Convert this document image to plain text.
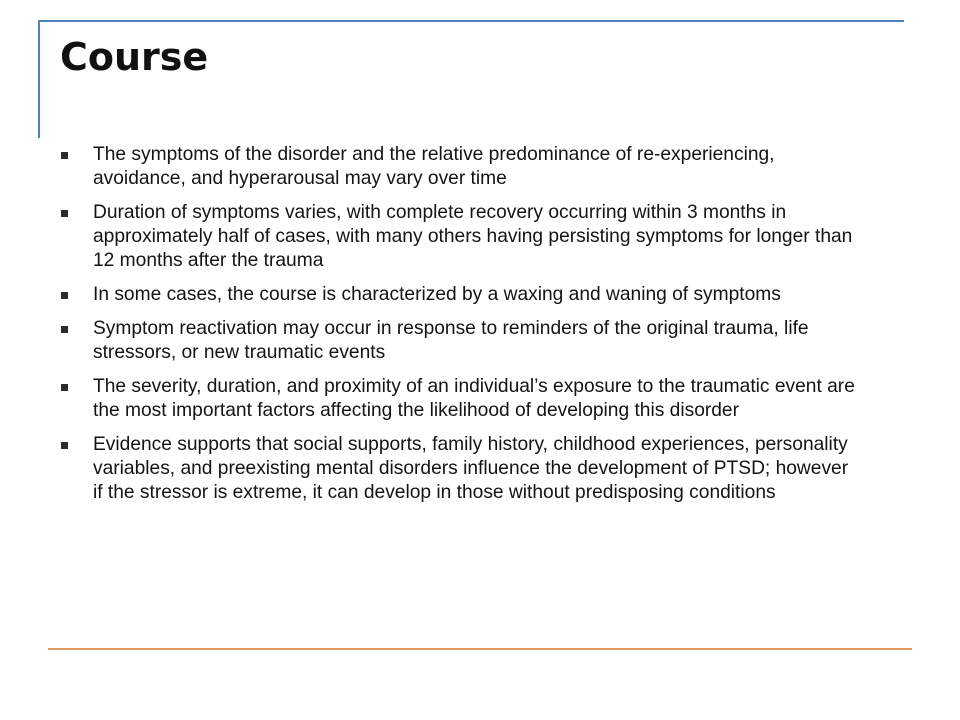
Course
The symptoms of the disorder and the relative predominance of re-experiencing, avoidance, and hyperarousal may vary over time
Duration of symptoms varies, with complete recovery occurring within 3 months in approximately half of cases, with many others having persisting symptoms for longer than 12 months after the trauma
In some cases, the course is characterized by a waxing and waning of symptoms
Symptom reactivation may occur in response to reminders of the original trauma, life stressors, or new traumatic events
The severity, duration, and proximity of an individual’s exposure to the traumatic event are the most important factors affecting the likelihood of developing this disorder
Evidence supports that social supports, family history, childhood experiences, personality variables, and preexisting mental disorders influence the development of PTSD; however if the stressor is extreme, it can develop in those without predisposing conditions
